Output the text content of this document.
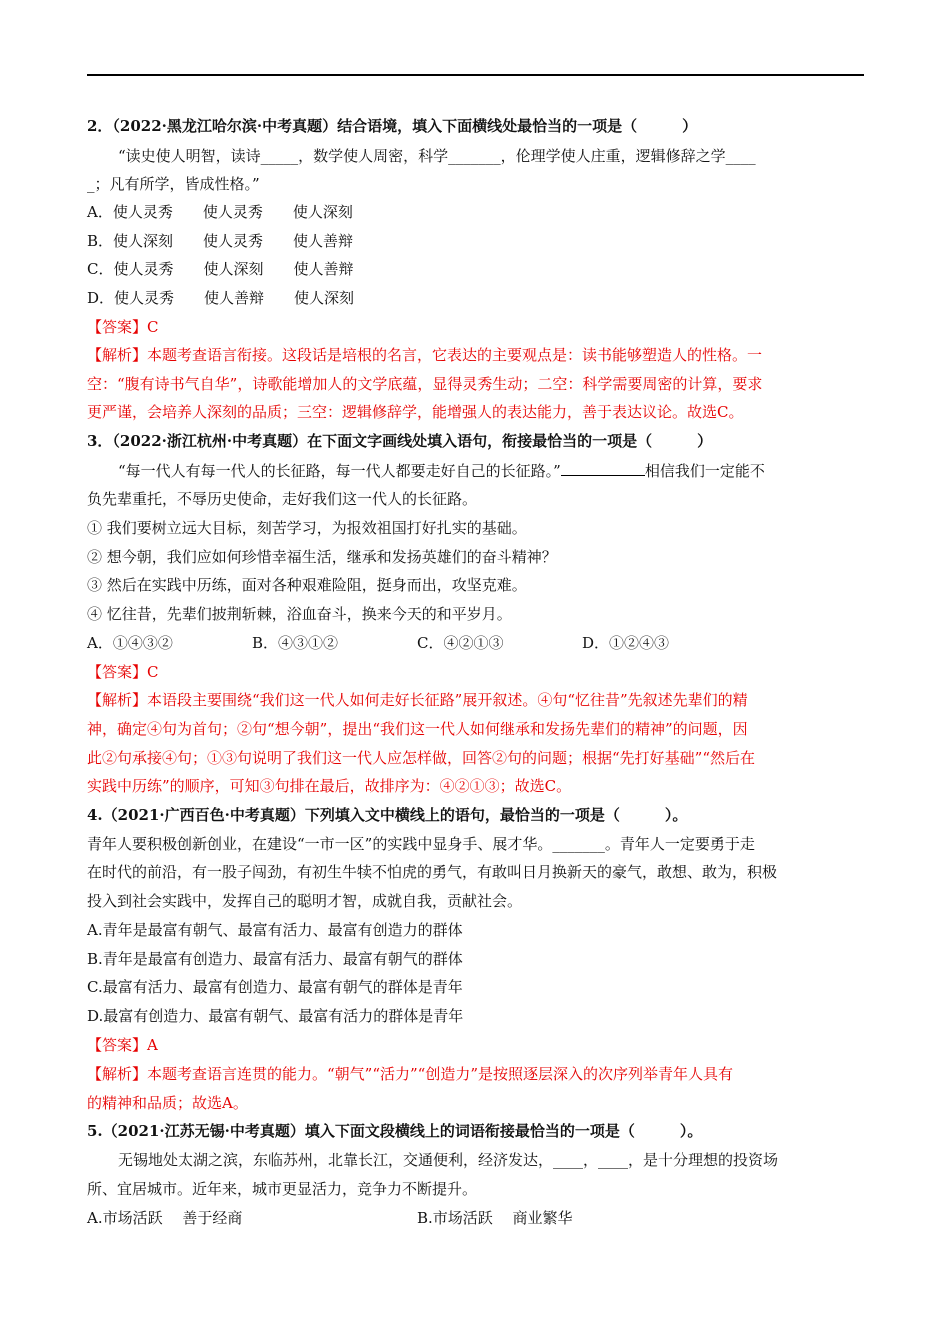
2．（2022·黑龙江哈尔滨·中考真题）结合语境，填入下面横线处最恰当的一项是（　　　）
“读史使人明智，读诗_____，数学使人周密，科学_______，伦理学使人庄重，逻辑修辞之学____
_；凡有所学，皆成性格。”
A．使人灵秀　　使人灵秀　　使人深刻
B．使人深刻　　使人灵秀　　使人善辩
C．使人灵秀　　使人深刻　　使人善辩
D．使人灵秀　　使人善辩　　使人深刻
【答案】C
【解析】本题考查语言衔接。这段话是培根的名言，它表达的主要观点是：读书能够塑造人的性格。一
空：“腹有诗书气自华”，诗歌能增加人的文学底蕴，显得灵秀生动；二空：科学需要周密的计算，要求
更严谨，会培养人深刻的品质；三空：逻辑修辞学，能增强人的表达能力，善于表达议论。故选C。
3．（2022·浙江杭州·中考真题）在下面文字画线处填入语句，衔接最恰当的一项是（　　　）
“每一代人有每一代人的长征路，每一代人都要走好自己的长征路。”	相信我们一定能不
负先辈重托，不辱历史使命，走好我们这一代人的长征路。
① 我们要树立远大目标，刻苦学习，为报效祖国打好扎实的基础。
② 想今朝，我们应如何珍惜幸福生活，继承和发扬英雄们的奋斗精神？
③ 然后在实践中历练，面对各种艰难险阻，挺身而出，攻坚克难。
④ 忆往昔，先辈们披荆斩棘，浴血奋斗，换来今天的和平岁月。
A．①④③②	B．④③①②	C．④②①③	D．①②④③
【答案】C
【解析】本语段主要围绕“我们这一代人如何走好长征路”展开叙述。④句“忆往昔”先叙述先辈们的精
神，确定④句为首句；②句“想今朝”，提出“我们这一代人如何继承和发扬先辈们的精神”的问题，因
此②句承接④句；①③句说明了我们这一代人应怎样做，回答②句的问题；根据“先打好基础”“然后在
实践中历练”的顺序，可知③句排在最后，故排序为：④②①③；故选C。
4.（2021·广西百色·中考真题）下列填入文中横线上的语句，最恰当的一项是（　　　）。
青年人要积极创新创业，在建设“一市一区”的实践中显身手、展才华。_______。青年人一定要勇于走
在时代的前沿，有一股子闯劲，有初生牛犊不怕虎的勇气，有敢叫日月换新天的豪气，敢想、敢为，积极
投入到社会实践中，发挥自己的聪明才智，成就自我，贡献社会。
A.青年是最富有朝气、最富有活力、最富有创造力的群体
B.青年是最富有创造力、最富有活力、最富有朝气的群体
C.最富有活力、最富有创造力、最富有朝气的群体是青年
D.最富有创造力、最富有朝气、最富有活力的群体是青年
【答案】A
【解析】本题考查语言连贯的能力。“朝气”“活力”“创造力”是按照逐层深入的次序列举青年人具有
的精神和品质；故选A。
5.（2021·江苏无锡·中考真题）填入下面文段横线上的词语衔接最恰当的一项是（　　　）。
无锡地处太湖之滨，东临苏州，北靠长江，交通便利，经济发达，____，____，是十分理想的投资场
所、宜居城市。近年来，城市更显活力，竞争力不断提升。
A.市场活跃　 善于经商	B.市场活跃　 商业繁华
